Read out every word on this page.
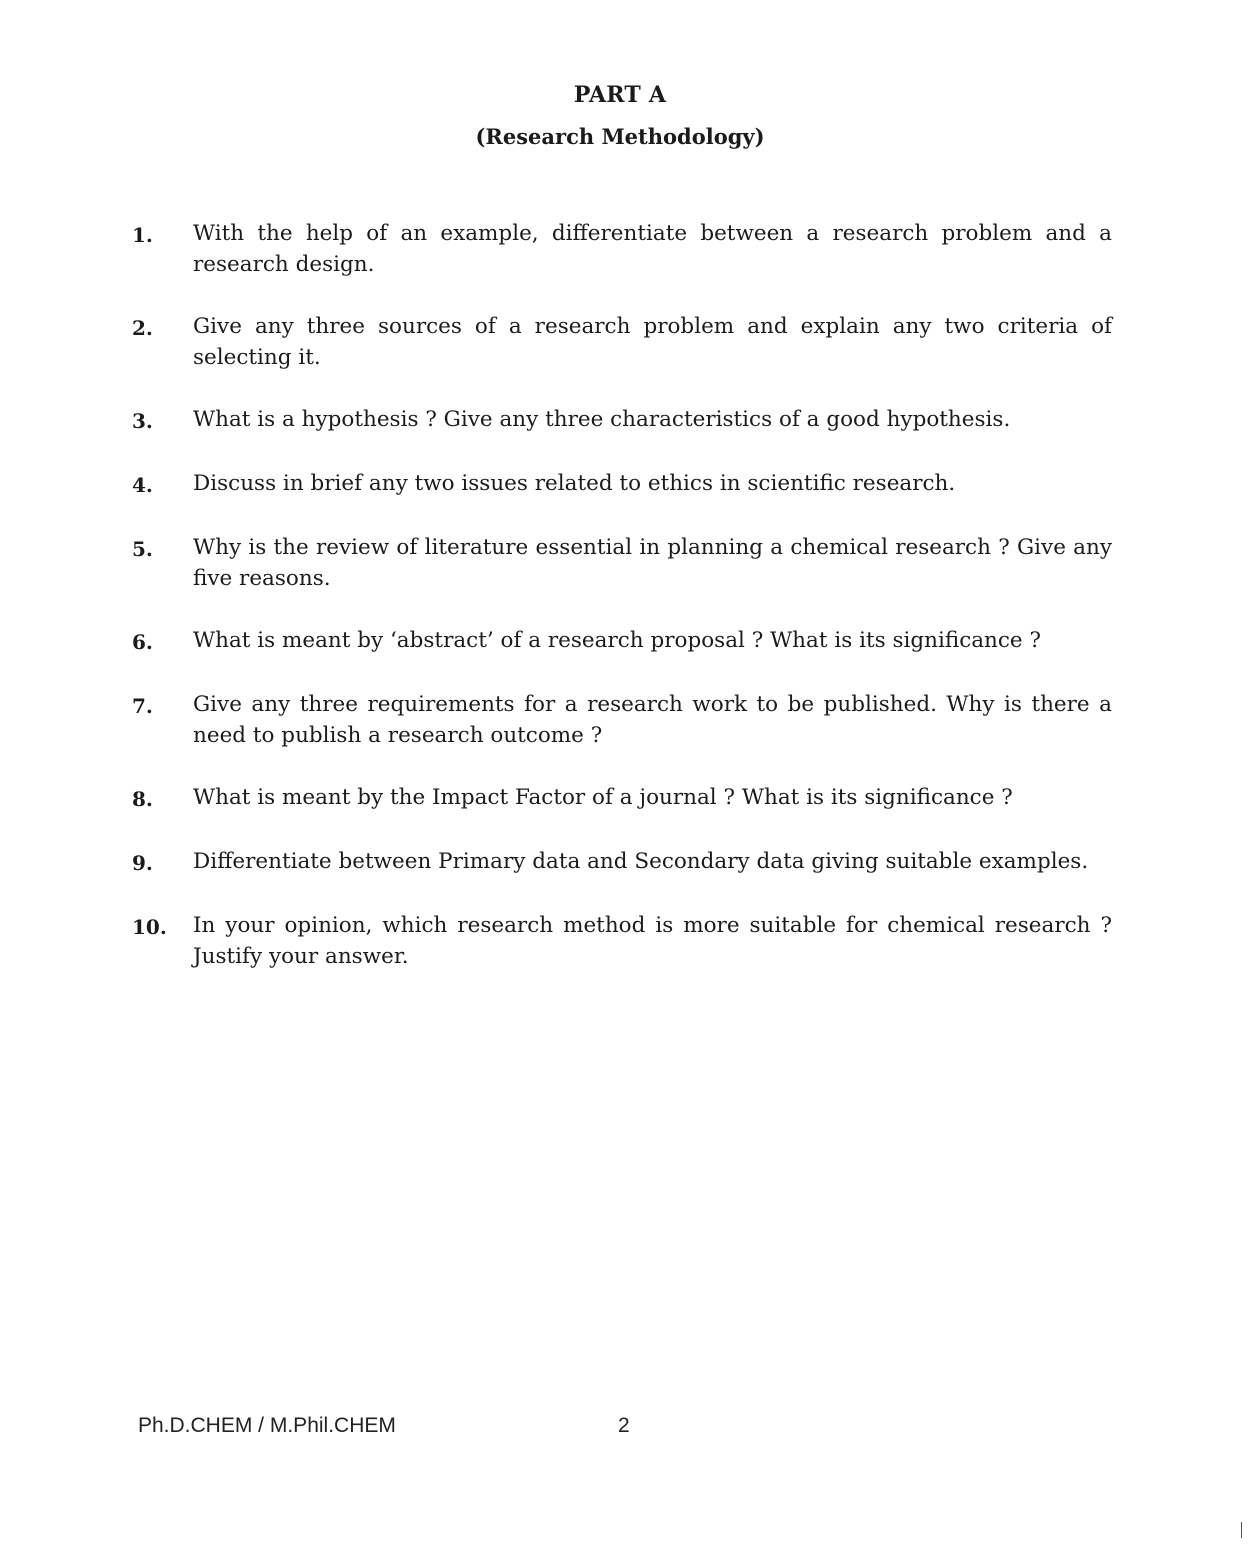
PART A
(Research Methodology)
1.	With the help of an example, differentiate between a research problem and a research design.
2.	Give any three sources of a research problem and explain any two criteria of selecting it.
3.	What is a hypothesis ? Give any three characteristics of a good hypothesis.
4.	Discuss in brief any two issues related to ethics in scientific research.
5.	Why is the review of literature essential in planning a chemical research ? Give any five reasons.
6.	What is meant by ‘abstract’ of a research proposal ? What is its significance ?
7.	Give any three requirements for a research work to be published. Why is there a need to publish a research outcome ?
8.	What is meant by the Impact Factor of a journal ? What is its significance ?
9.	Differentiate between Primary data and Secondary data giving suitable examples.
10.	In your opinion, which research method is more suitable for chemical research ? Justify your answer.
Ph.D.CHEM / M.Phil.CHEM	2
